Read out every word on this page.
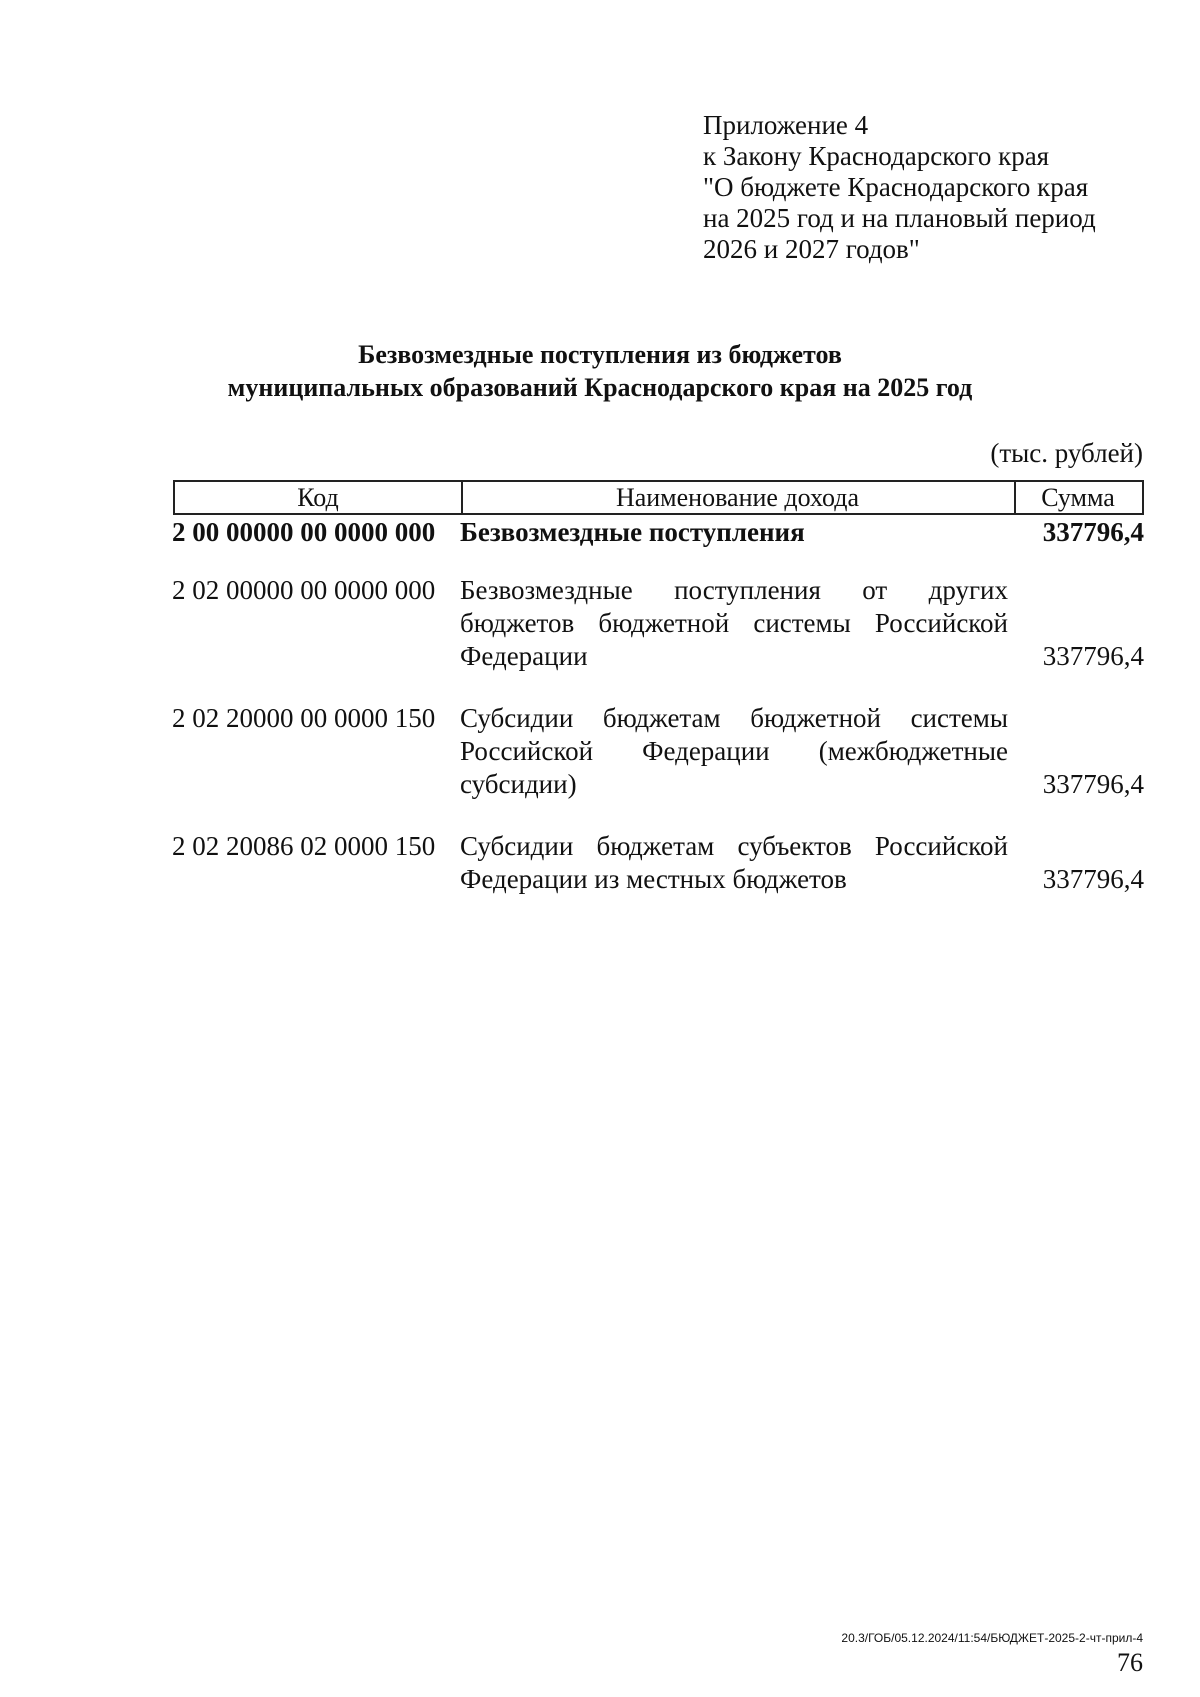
Приложение 4
к Закону Краснодарского края
"О бюджете Краснодарского края
на 2025 год и на плановый период
2026 и 2027 годов"
Безвозмездные поступления из бюджетов
муниципальных образований Краснодарского края на 2025 год
(тыс. рублей)
Код	Наименование дохода	Сумма
2 00 00000 00 0000 000 Безвозмездные поступления	337796,4
2 02 00000 00 0000 000 Безвозмездные поступления от других бюджетов бюджетной системы Российской Федерации	337796,4
2 02 20000 00 0000 150 Субсидии бюджетам бюджетной системы Российской Федерации (межбюджетные субсидии)	337796,4
2 02 20086 02 0000 150 Субсидии бюджетам субъектов Российской Федерации из местных бюджетов	337796,4
20.3/ГОБ/05.12.2024/11:54/БЮДЖЕТ-2025-2-чт-прил-4
76
